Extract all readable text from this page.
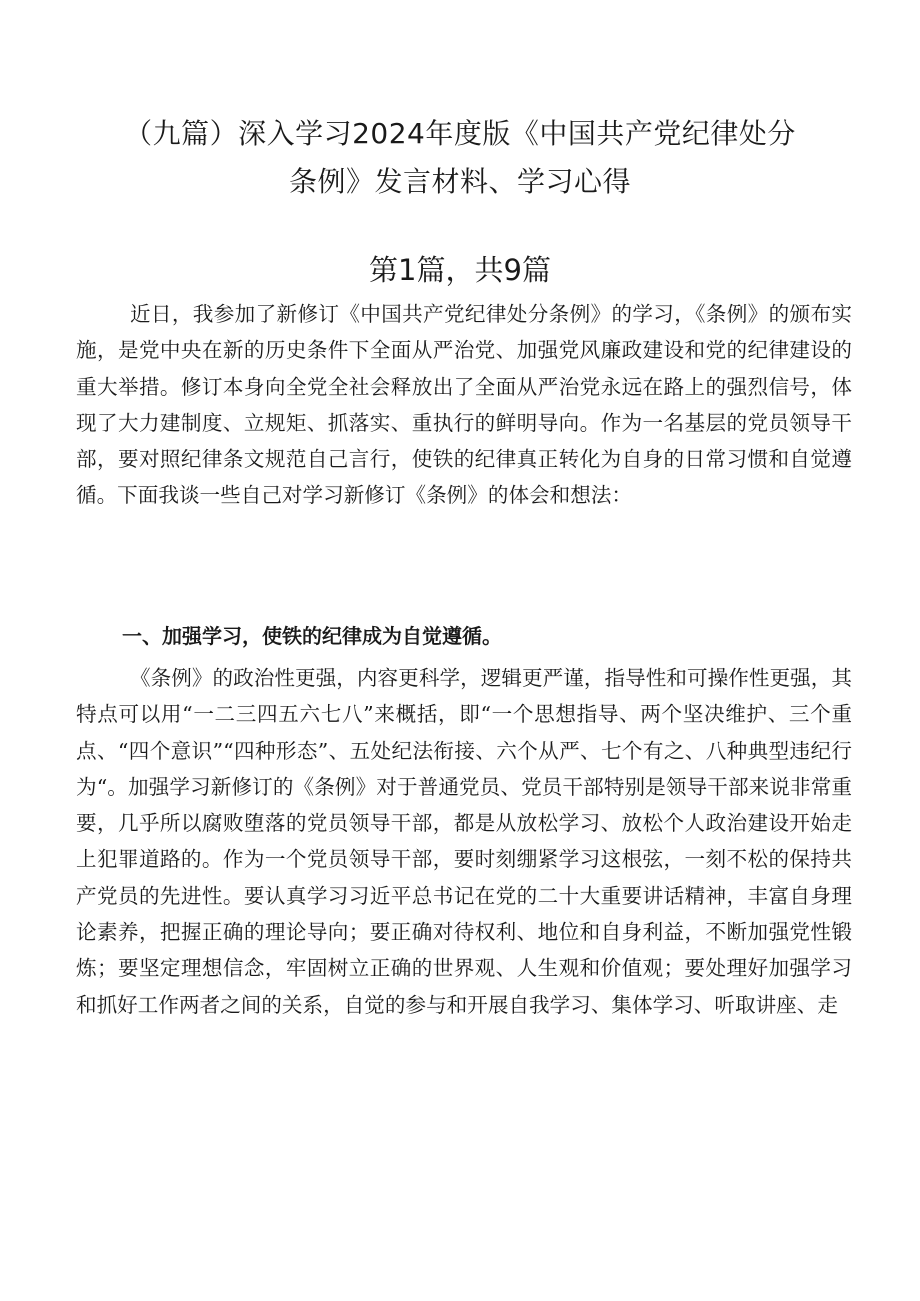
（九篇）深入学习2024年度版《中国共产党纪律处分
条例》发言材料、学习心得
第1篇，共9篇

近日，我参加了新修订《中国共产党纪律处分条例》的学习，《条例》的颁布实施，是党中央在新的历史条件下全面从严治党、加强党风廉政建设和党的纪律建设的重大举措。修订本身向全党全社会释放出了全面从严治党永远在路上的强烈信号，体现了大力建制度、立规矩、抓落实、重执行的鲜明导向。作为一名基层的党员领导干部，要对照纪律条文规范自己言行，使铁的纪律真正转化为自身的日常习惯和自觉遵循。下面我谈一些自己对学习新修订《条例》的体会和想法：

一、加强学习，使铁的纪律成为自觉遵循。

《条例》的政治性更强，内容更科学，逻辑更严谨，指导性和可操作性更强，其特点可以用“一二三四五六七八”来概括，即“一个思想指导、两个坚决维护、三个重点、“四个意识”“四种形态”、五处纪法衔接、六个从严、七个有之、八种典型违纪行为“。加强学习新修订的《条例》对于普通党员、党员干部特别是领导干部来说非常重要，几乎所以腐败堕落的党员领导干部，都是从放松学习、放松个人政治建设开始走上犯罪道路的。作为一个党员领导干部，要时刻绷紧学习这根弦，一刻不松的保持共产党员的先进性。要认真学习习近平总书记在党的二十大重要讲话精神，丰富自身理论素养，把握正确的理论导向；要正确对待权利、地位和自身利益，不断加强党性锻炼；要坚定理想信念，牢固树立正确的世界观、人生观和价值观；要处理好加强学习和抓好工作两者之间的关系，自觉的参与和开展自我学习、集体学习、听取讲座、走
